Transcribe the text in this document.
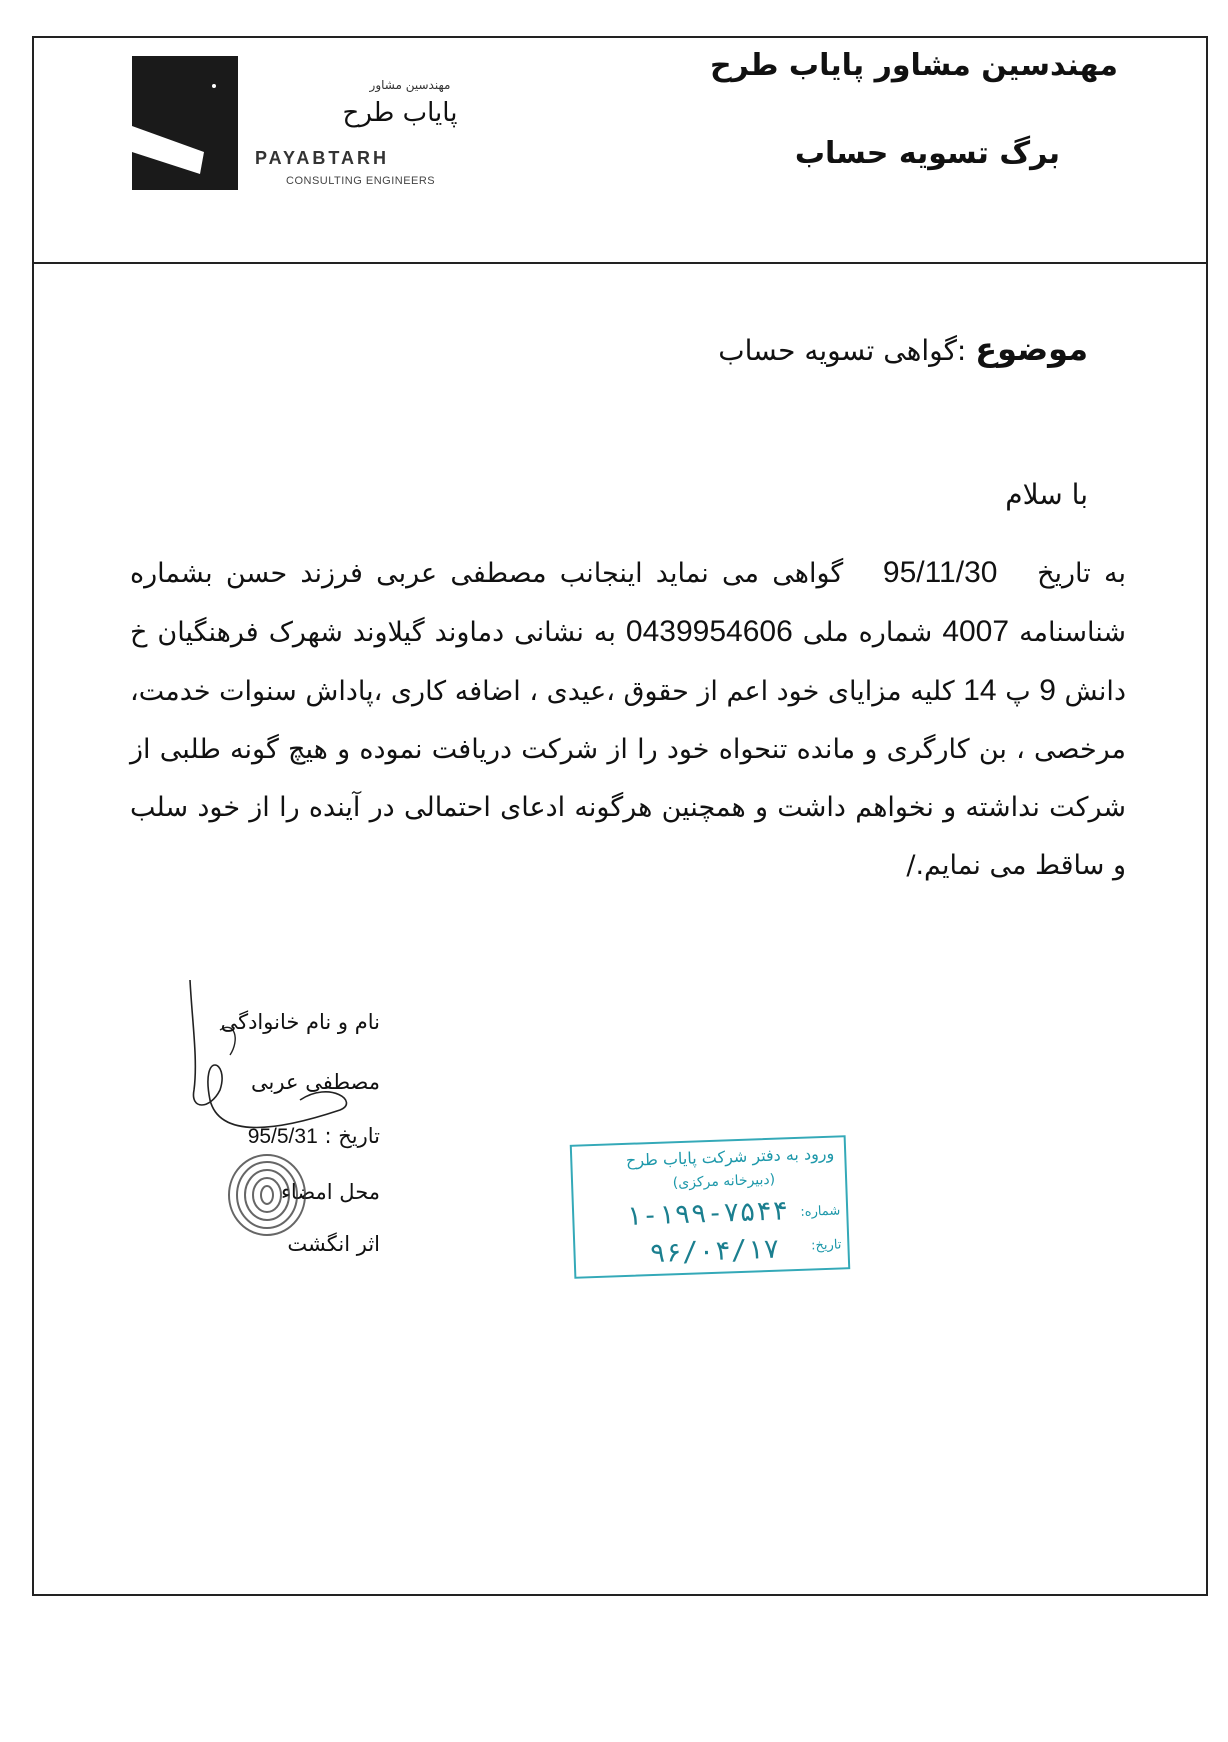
مهندسین مشاور پایاب طرح
برگ تسویه حساب
مهندسین مشاور
پایاب طرح
PAYABTARH
CONSULTING ENGINEERS
موضوع :گواهی تسویه حساب
با سلام
به تاریخ   95/11/30   گواهی می نماید اینجانب مصطفی عربی فرزند حسن بشماره شناسنامه 4007 شماره ملی 0439954606 به نشانی دماوند گیلاوند شهرک فرهنگیان خ دانش 9 پ 14 کلیه مزایای خود اعم از حقوق ،عیدی ، اضافه کاری ،پاداش سنوات خدمت، مرخصی ، بن کارگری و مانده تنحواه خود را از شرکت دریافت نموده و هیچ گونه طلبی از شرکت نداشته و نخواهم داشت و همچنین هرگونه ادعای احتمالی در آینده را از خود سلب و ساقط می نمایم./
نام و نام خانوادگی
مصطفی عربی
تاریخ : 95/5/31
محل امضاء
اثر انگشت
ورود به دفتر شرکت پایاب طرح
(دبیرخانه مرکزی)
شماره:
۱-۱۹۹-۷۵۴۴
تاریخ:
۹۶/۰۴/۱۷
